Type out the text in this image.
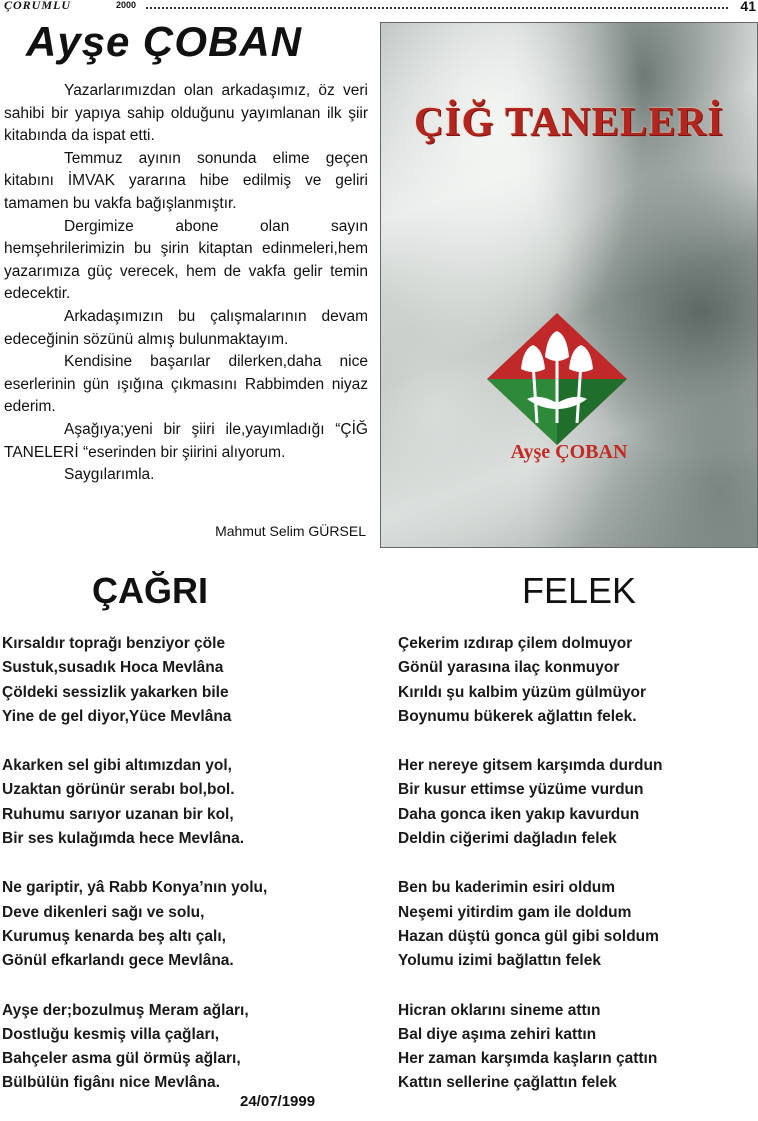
ÇORUMLU	2000	41
Ayşe ÇOBAN

Yazarlarımızdan olan arkadaşımız, öz veri sahibi bir yapıya sahip olduğunu yayımlanan ilk şiir kitabında da ispat etti.

Temmuz ayının sonunda elime geçen kitabını İMVAK yararına hibe edilmiş ve geliri tamamen bu vakfa bağışlanmıştır.

Dergimize abone olan sayın hemşehrilerimizin bu şirin kitaptan edinmeleri,hem yazarımıza güç verecek, hem de vakfa gelir temin edecektir.

Arkadaşımızın bu çalışmalarının devam edeceğinin sözünü almış bulunmaktayım.

Kendisine başarılar dilerken,daha nice eserlerinin gün ışığına çıkmasını Rabbimden niyaz ederim.

Aşağıya;yeni bir şiiri ile,yayımladığı “ÇİĞ TANELERİ “eserinden bir şiirini alıyorum.

Saygılarımla.

Mahmut Selim GÜRSEL
ÇİĞ TANELERİ
Ayşe ÇOBAN
ÇAĞRI	FELEK
Kırsaldır toprağı benziyor çöle
Sustuk,susadık Hoca Mevlâna
Çöldeki sessizlik yakarken bile
Yine de gel diyor,Yüce Mevlâna
Akarken sel gibi altımızdan yol,
Uzaktan görünür serabı bol,bol.
Ruhumu sarıyor uzanan bir kol,
Bir ses kulağımda hece Mevlâna.
Ne gariptir, yâ Rabb Konya’nın yolu,
Deve dikenleri sağı ve solu,
Kurumuş kenarda beş altı çalı,
Gönül efkarlandı gece Mevlâna.
Ayşe der;bozulmuş Meram ağları,
Dostluğu kesmiş villa çağları,
Bahçeler asma gül örmüş ağları,
Bülbülün figânı nice Mevlâna.
24/07/1999
Çekerim ızdırap çilem dolmuyor
Gönül yarasına ilaç konmuyor
Kırıldı şu kalbim yüzüm gülmüyor
Boynumu bükerek ağlattın felek.
Her nereye gitsem karşımda durdun
Bir kusur ettimse yüzüme vurdun
Daha gonca iken yakıp kavurdun
Deldin ciğerimi dağladın felek
Ben bu kaderimin esiri oldum
Neşemi yitirdim gam ile doldum
Hazan düştü gonca gül gibi soldum
Yolumu izimi bağlattın felek
Hicran oklarını sineme attın
Bal diye aşıma zehiri kattın
Her zaman karşımda kaşların çattın
Kattın sellerine çağlattın felek
